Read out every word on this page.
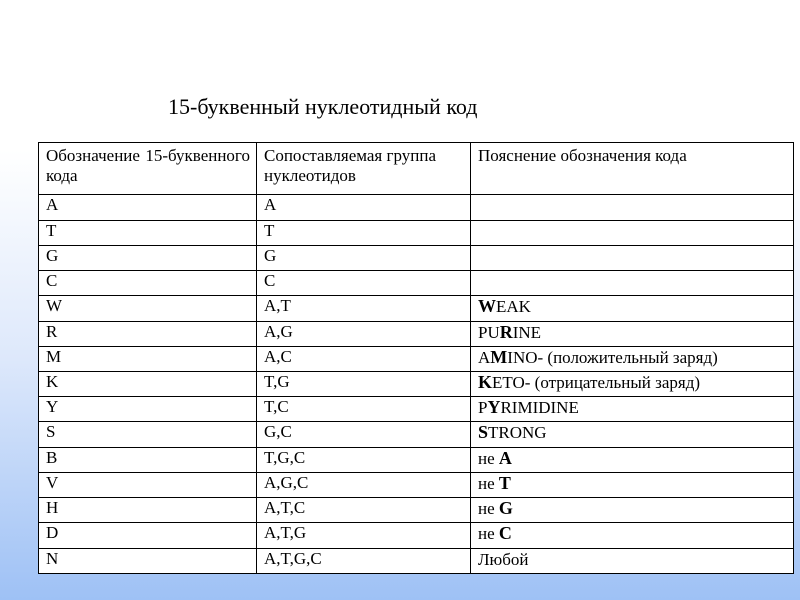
15-буквенный нуклеотидный код
Обозначение 15-буквенного кода	Сопоставляемая группа нуклеотидов	Пояснение обозначения кода
A	A	
T	T	
G	G	
C	C	
W	A,T	WEAK
R	A,G	PURINE
M	A,C	AMINO- (положительный заряд)
K	T,G	KETO- (отрицательный заряд)
Y	T,C	PYRIMIDINE
S	G,C	STRONG
B	T,G,C	не A
V	A,G,C	не T
H	A,T,C	не G
D	A,T,G	не C
N	A,T,G,C	Любой
